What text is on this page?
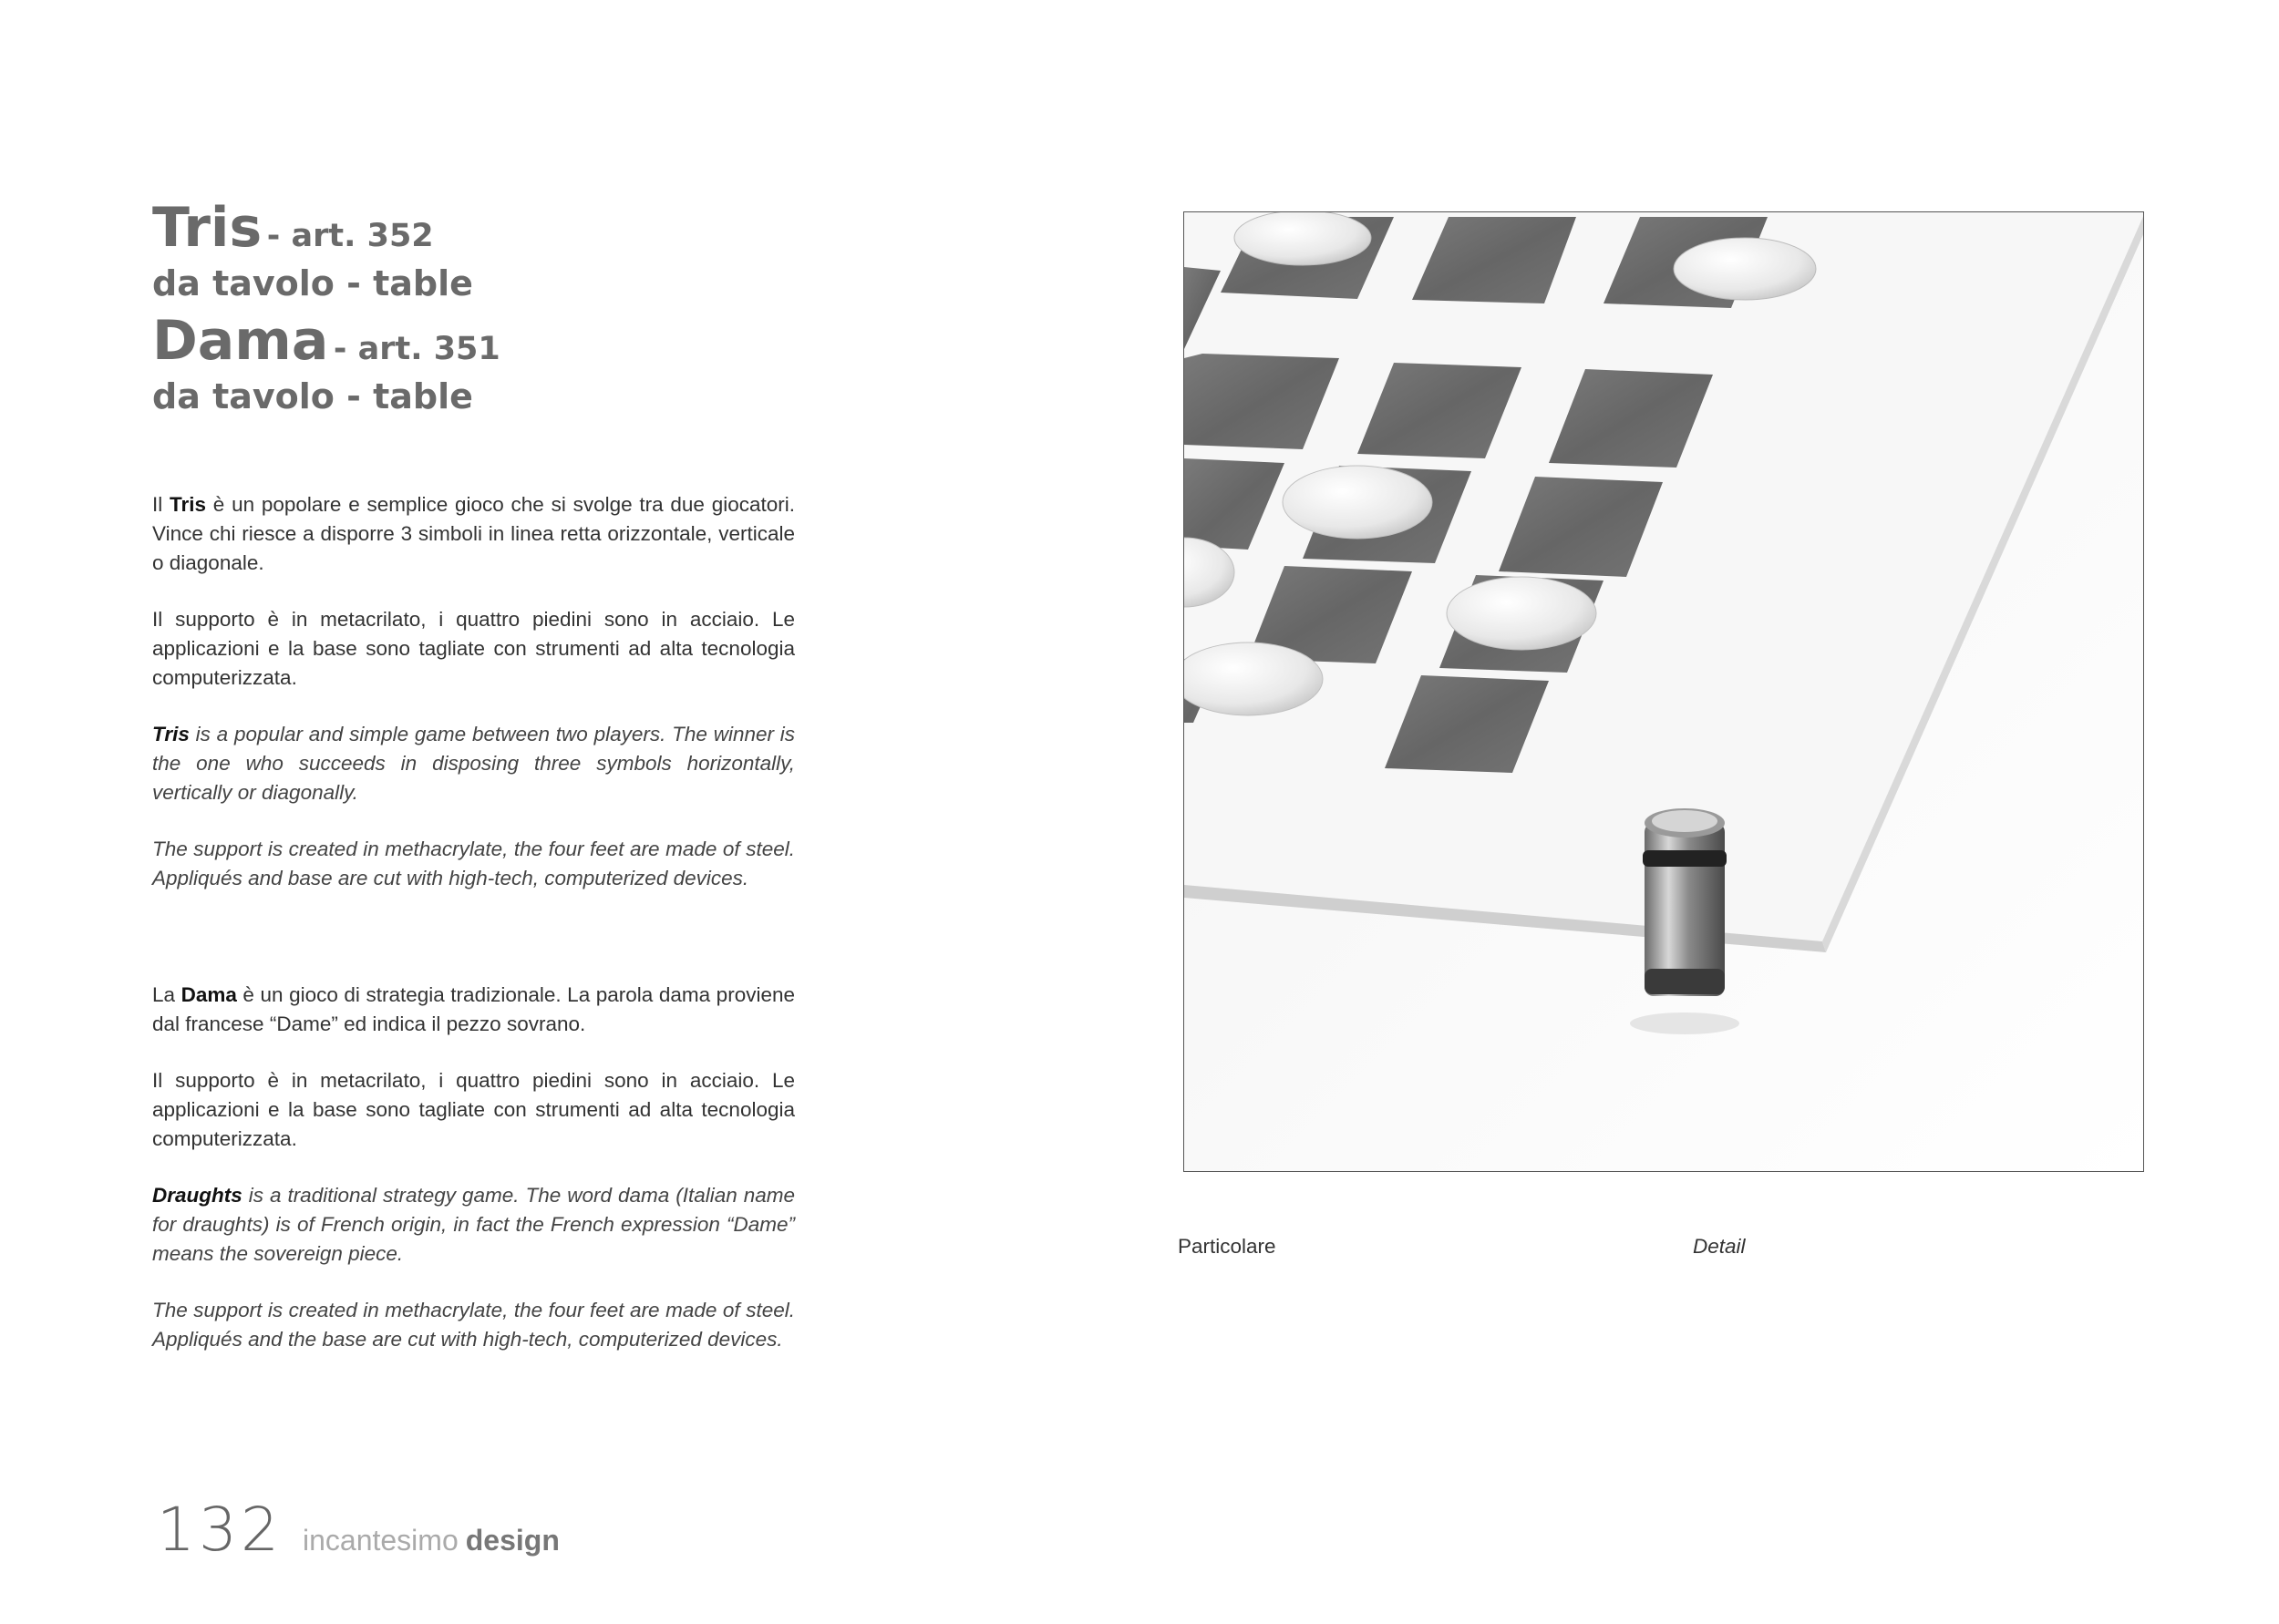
Tris - art. 352
da tavolo - table
Dama - art. 351
da tavolo - table

Il Tris è un popolare e semplice gioco che si svolge tra due giocatori. Vince chi riesce a disporre 3 simboli in linea retta orizzontale, verticale o diagonale.

Il supporto è in metacrilato, i quattro piedini sono in acciaio. Le applicazioni e la base sono tagliate con strumenti ad alta tecnologia computerizzata.

Tris is a popular and simple game between two players. The winner is the one who succeeds in disposing three symbols horizontally, vertically or diagonally.

The support is created in methacrylate, the four feet are made of steel. Appliqués and base are cut with high-tech, computerized devices.

La Dama è un gioco di strategia tradizionale. La parola dama proviene dal francese “Dame” ed indica il pezzo sovrano.

Il supporto è in metacrilato, i quattro piedini sono in acciaio. Le applicazioni e la base sono tagliate con strumenti ad alta tecnologia computerizzata.

Draughts is a traditional strategy game. The word dama (Italian name for draughts) is of French origin, in fact the French expression “Dame” means the sovereign piece.

The support is created in methacrylate, the four feet are made of steel. Appliqués and the base are cut with high-tech, computerized devices.

Particolare	Detail
132 incantesimo design
